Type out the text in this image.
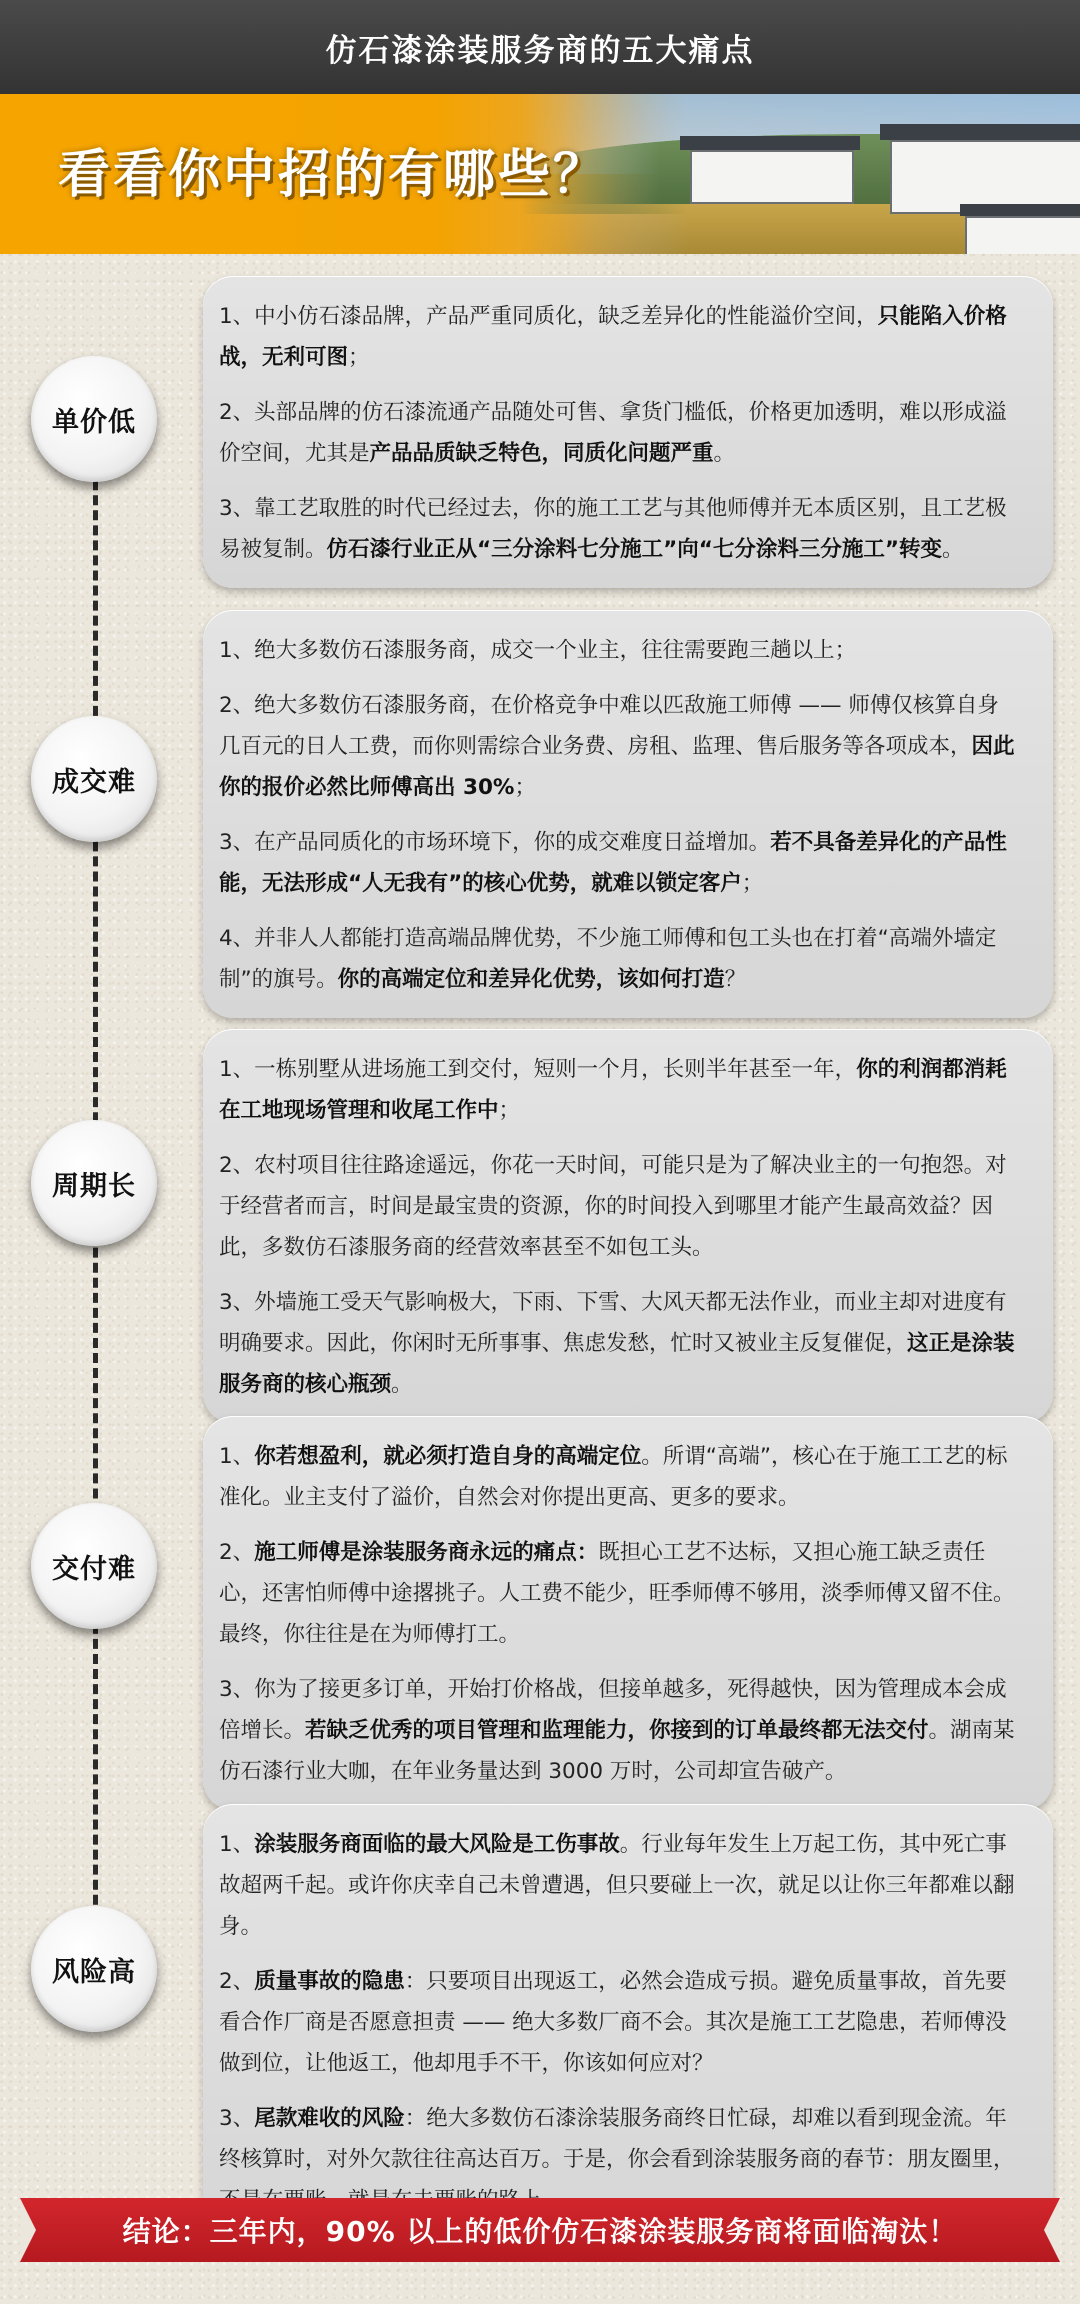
仿石漆涂装服务商的五大痛点
看看你中招的有哪些？

1、中小仿石漆品牌，产品严重同质化，缺乏差异化的性能溢价空间，只能陷入价格战，无利可图；

2、头部品牌的仿石漆流通产品随处可售、拿货门槛低，价格更加透明，难以形成溢价空间，尤其是产品品质缺乏特色，同质化问题严重。

3、靠工艺取胜的时代已经过去，你的施工工艺与其他师傅并无本质区别，且工艺极易被复制。仿石漆行业正从“三分涂料七分施工”向“七分涂料三分施工”转变。

单价低

1、绝大多数仿石漆服务商，成交一个业主，往往需要跑三趟以上；

2、绝大多数仿石漆服务商，在价格竞争中难以匹敌施工师傅 —— 师傅仅核算自身几百元的日人工费，而你则需综合业务费、房租、监理、售后服务等各项成本，因此你的报价必然比师傅高出 30%；

3、在产品同质化的市场环境下，你的成交难度日益增加。若不具备差异化的产品性能，无法形成“人无我有”的核心优势，就难以锁定客户；

4、并非人人都能打造高端品牌优势，不少施工师傅和包工头也在打着“高端外墙定制”的旗号。你的高端定位和差异化优势，该如何打造？

成交难

1、一栋别墅从进场施工到交付，短则一个月，长则半年甚至一年，你的利润都消耗在工地现场管理和收尾工作中；

2、农村项目往往路途遥远，你花一天时间，可能只是为了解决业主的一句抱怨。对于经营者而言，时间是最宝贵的资源，你的时间投入到哪里才能产生最高效益？因此，多数仿石漆服务商的经营效率甚至不如包工头。

3、外墙施工受天气影响极大，下雨、下雪、大风天都无法作业，而业主却对进度有明确要求。因此，你闲时无所事事、焦虑发愁，忙时又被业主反复催促，这正是涂装服务商的核心瓶颈。

周期长

1、你若想盈利，就必须打造自身的高端定位。所谓“高端”，核心在于施工工艺的标准化。业主支付了溢价，自然会对你提出更高、更多的要求。

2、施工师傅是涂装服务商永远的痛点：既担心工艺不达标，又担心施工缺乏责任心，还害怕师傅中途撂挑子。人工费不能少，旺季师傅不够用，淡季师傅又留不住。最终，你往往是在为师傅打工。

3、你为了接更多订单，开始打价格战，但接单越多，死得越快，因为管理成本会成倍增长。若缺乏优秀的项目管理和监理能力，你接到的订单最终都无法交付。湖南某仿石漆行业大咖，在年业务量达到 3000 万时，公司却宣告破产。

交付难

1、涂装服务商面临的最大风险是工伤事故。行业每年发生上万起工伤，其中死亡事故超两千起。或许你庆幸自己未曾遭遇，但只要碰上一次，就足以让你三年都难以翻身。

2、质量事故的隐患：只要项目出现返工，必然会造成亏损。避免质量事故，首先要看合作厂商是否愿意担责 —— 绝大多数厂商不会。其次是施工工艺隐患，若师傅没做到位，让他返工，他却甩手不干，你该如何应对？

3、尾款难收的风险：绝大多数仿石漆涂装服务商终日忙碌，却难以看到现金流。年终核算时，对外欠款往往高达百万。于是，你会看到涂装服务商的春节：朋友圈里，

风险高
结论：三年内，90% 以上的低价仿石漆涂装服务商将面临淘汰！
